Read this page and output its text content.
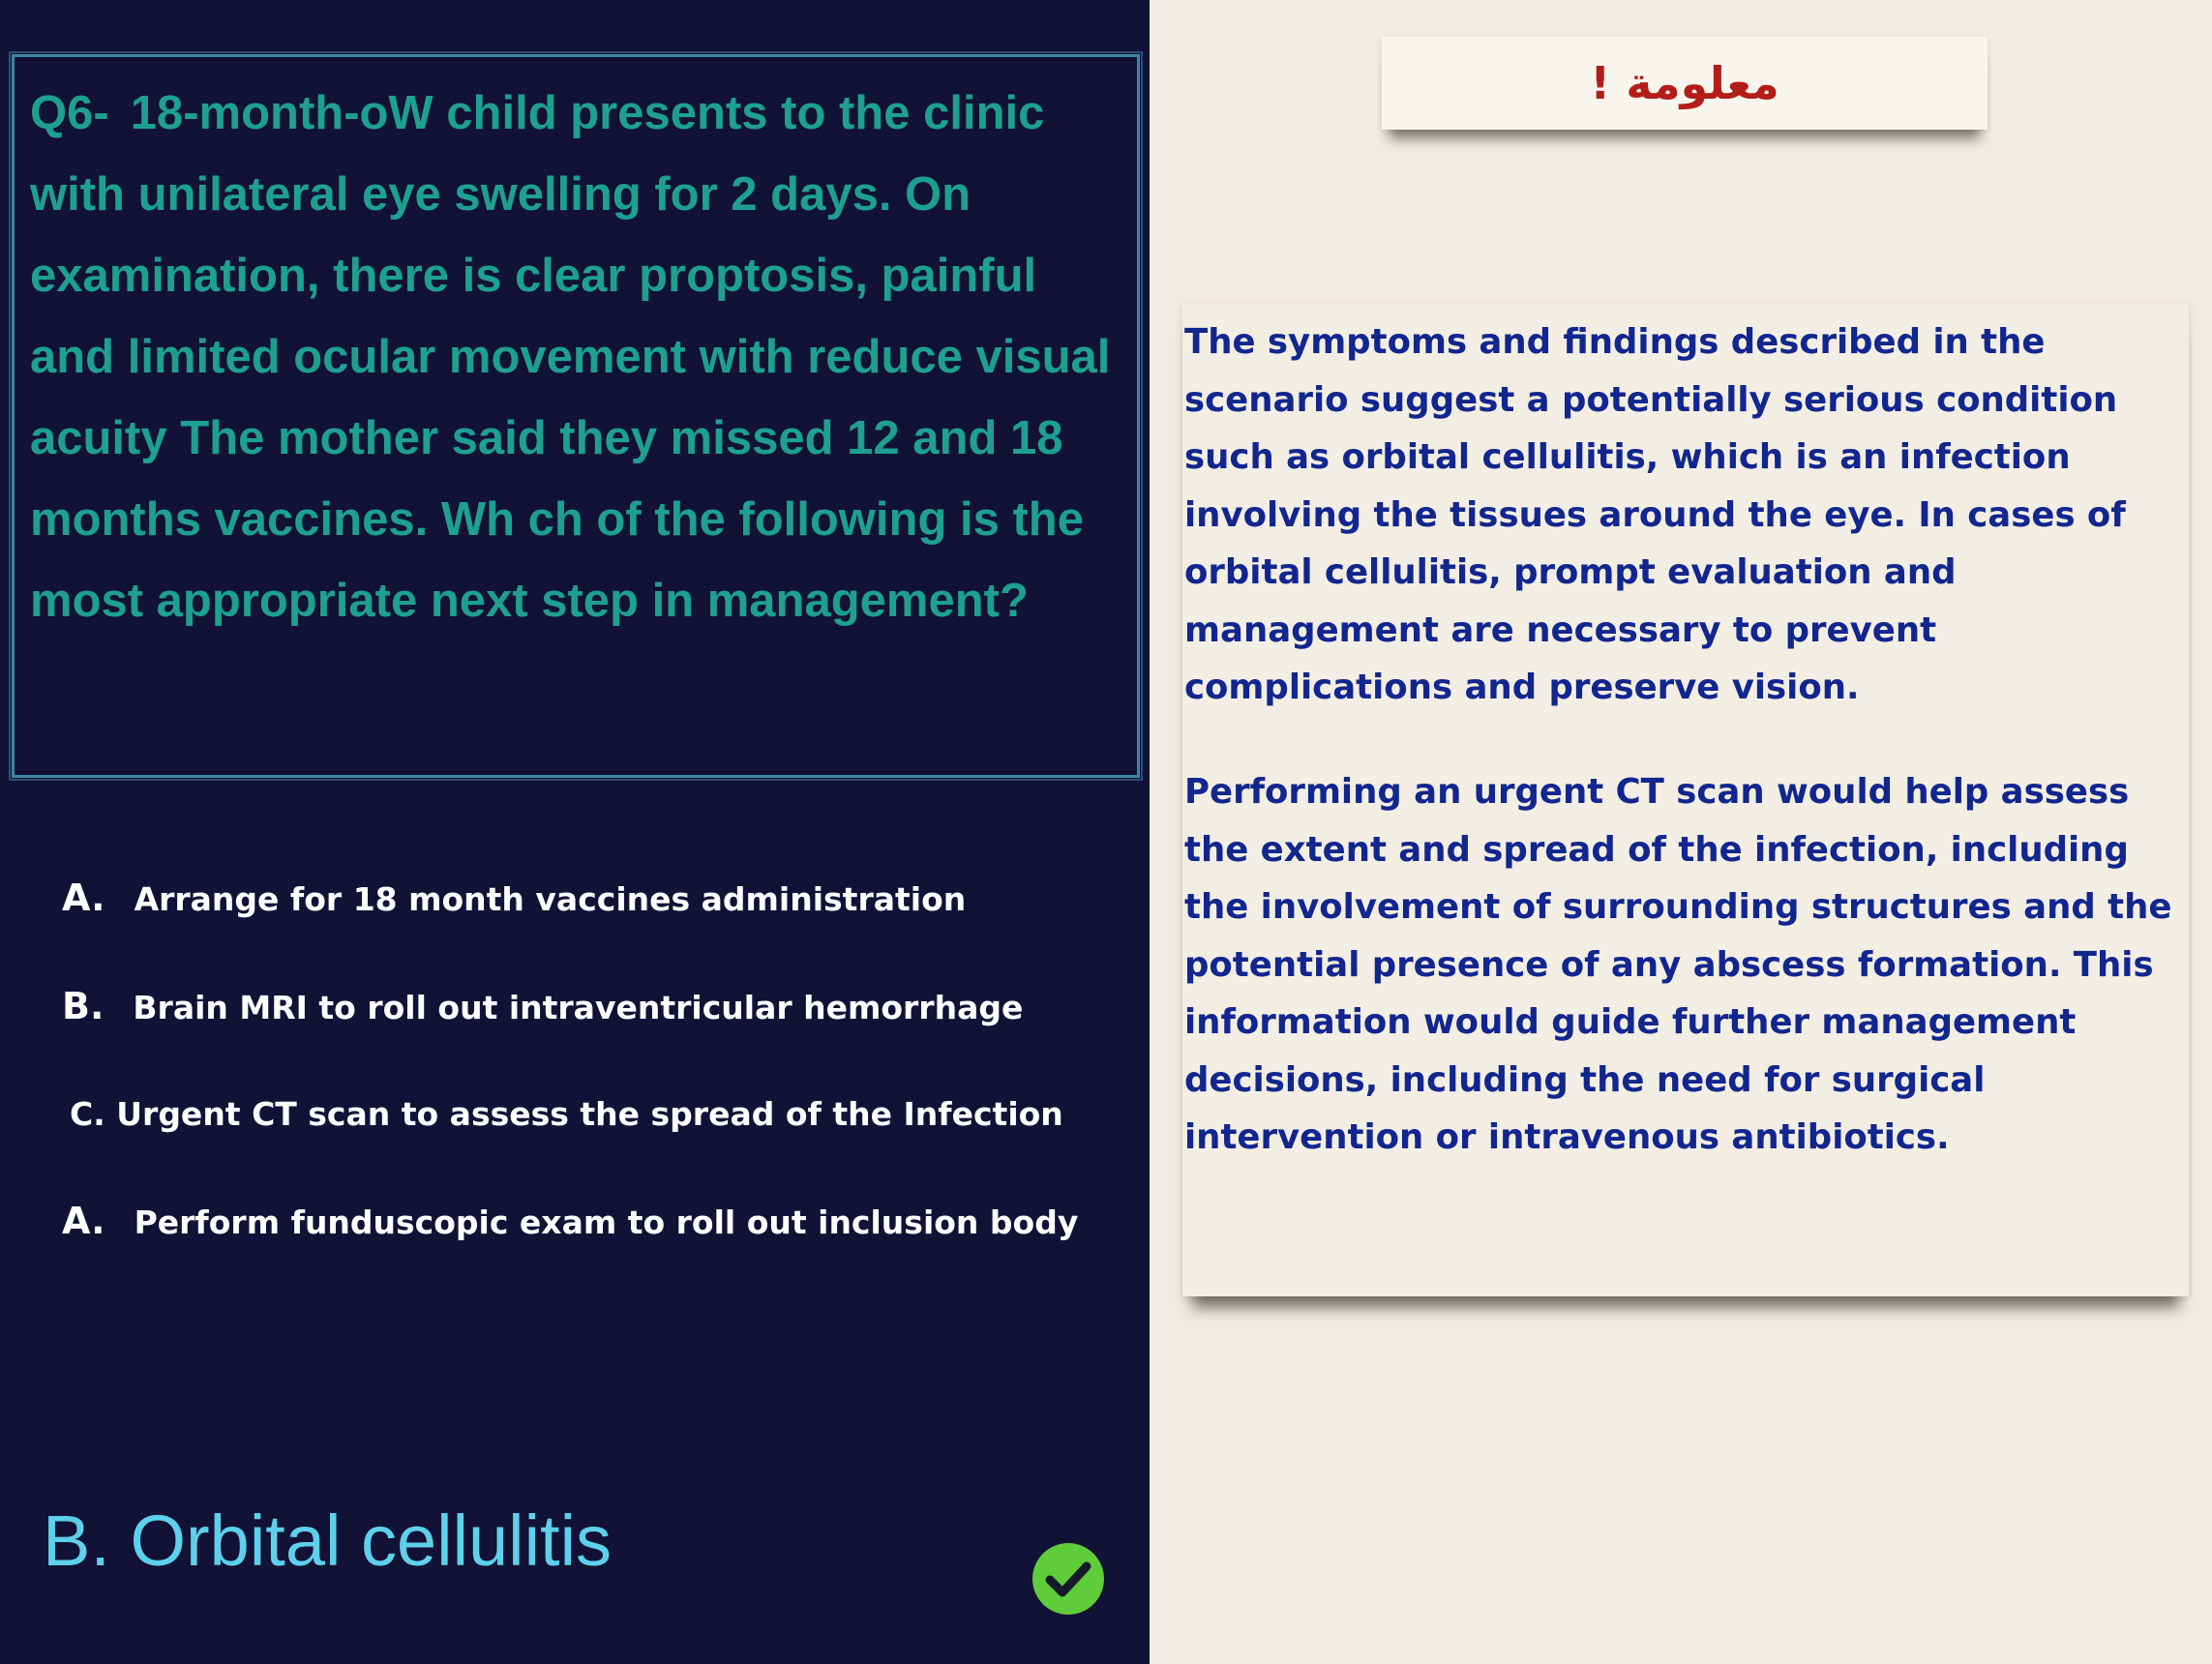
Q6- 18-month-oW child presents to the clinic with unilateral eye swelling for 2 days. On examination, there is clear proptosis, painful and limited ocular movement with reduce visual acuity The mother said they missed 12 and 18 months vaccines. Wh ch of the following is the most appropriate next step in management?

A. Arrange for 18 month vaccines administration

B. Brain MRI to roll out intraventricular hemorrhage

C. Urgent CT scan to assess the spread of the Infection

A. Perform funduscopic exam to roll out inclusion body

B. Orbital cellulitis

معلومة !

The symptoms and findings described in the scenario suggest a potentially serious condition such as orbital cellulitis, which is an infection involving the tissues around the eye. In cases of orbital cellulitis, prompt evaluation and management are necessary to prevent complications and preserve vision.

Performing an urgent CT scan would help assess the extent and spread of the infection, including the involvement of surrounding structures and the potential presence of any abscess formation. This information would guide further management decisions, including the need for surgical intervention or intravenous antibiotics.
